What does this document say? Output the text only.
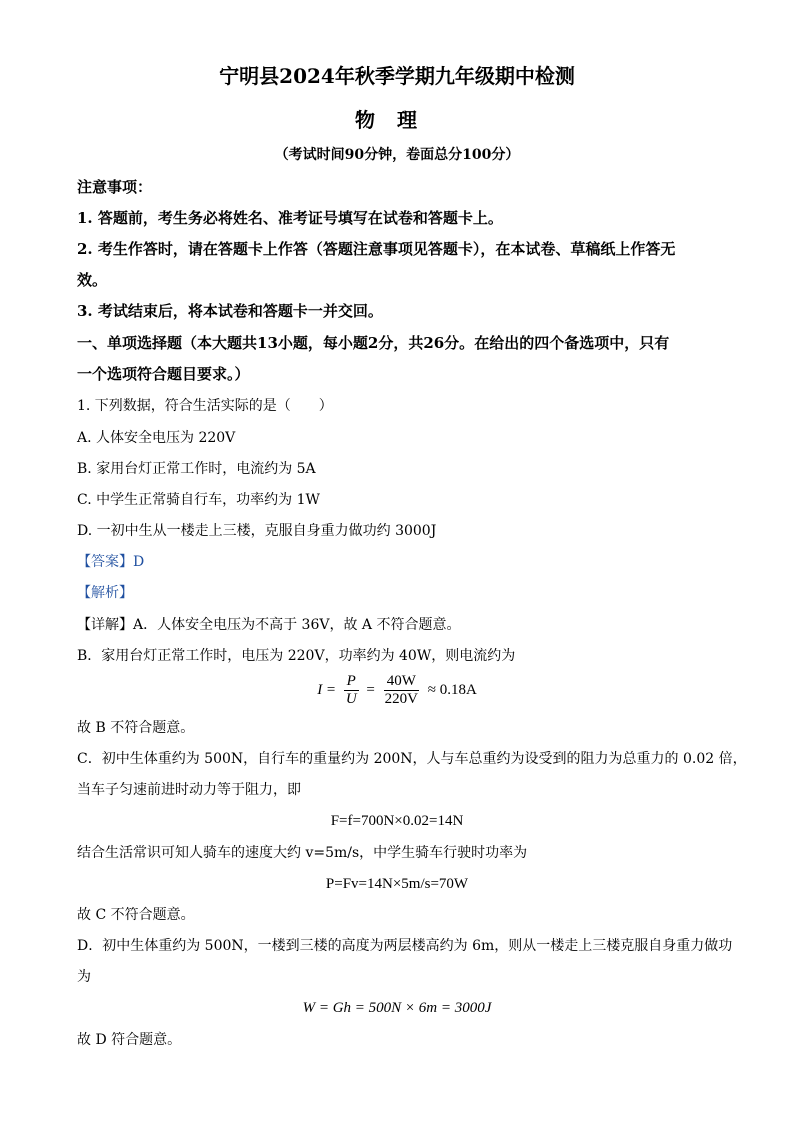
宁明县2024年秋季学期九年级期中检测
物理
（考试时间90分钟，卷面总分100分）
注意事项：
1. 答题前，考生务必将姓名、准考证号填写在试卷和答题卡上。
2. 考生作答时，请在答题卡上作答（答题注意事项见答题卡），在本试卷、草稿纸上作答无
效。
3. 考试结束后，将本试卷和答题卡一并交回。
一、单项选择题（本大题共13小题，每小题2分，共26分。在给出的四个备选项中，只有
一个选项符合题目要求。）
1. 下列数据，符合生活实际的是（　　）
A. 人体安全电压为 220V
B. 家用台灯正常工作时，电流约为 5A
C. 中学生正常骑自行车，功率约为 1W
D. 一初中生从一楼走上三楼，克服自身重力做功约 3000J
【答案】D
【解析】
【详解】A．人体安全电压为不高于 36V，故 A 不符合题意。
B．家用台灯正常工作时，电压为 220V，功率约为 40W，则电流约为
$I = \frac{P}{U} = \frac{40W}{220V} \approx 0.18A$
故 B 不符合题意。
C．初中生体重约为 500N，自行车的重量约为 200N，人与车总重约为设受到的阻力为总重力的 0.02 倍，
当车子匀速前进时动力等于阻力，即
F=f=700N×0.02=14N
结合生活常识可知人骑车的速度大约 v=5m/s，中学生骑车行驶时功率为
P=Fv=14N×5m/s=70W
故 C 不符合题意。
D．初中生体重约为 500N，一楼到三楼的高度为两层楼高约为 6m，则从一楼走上三楼克服自身重力做功
为
W = Gh = 500N × 6m = 3000J
故 D 符合题意。
